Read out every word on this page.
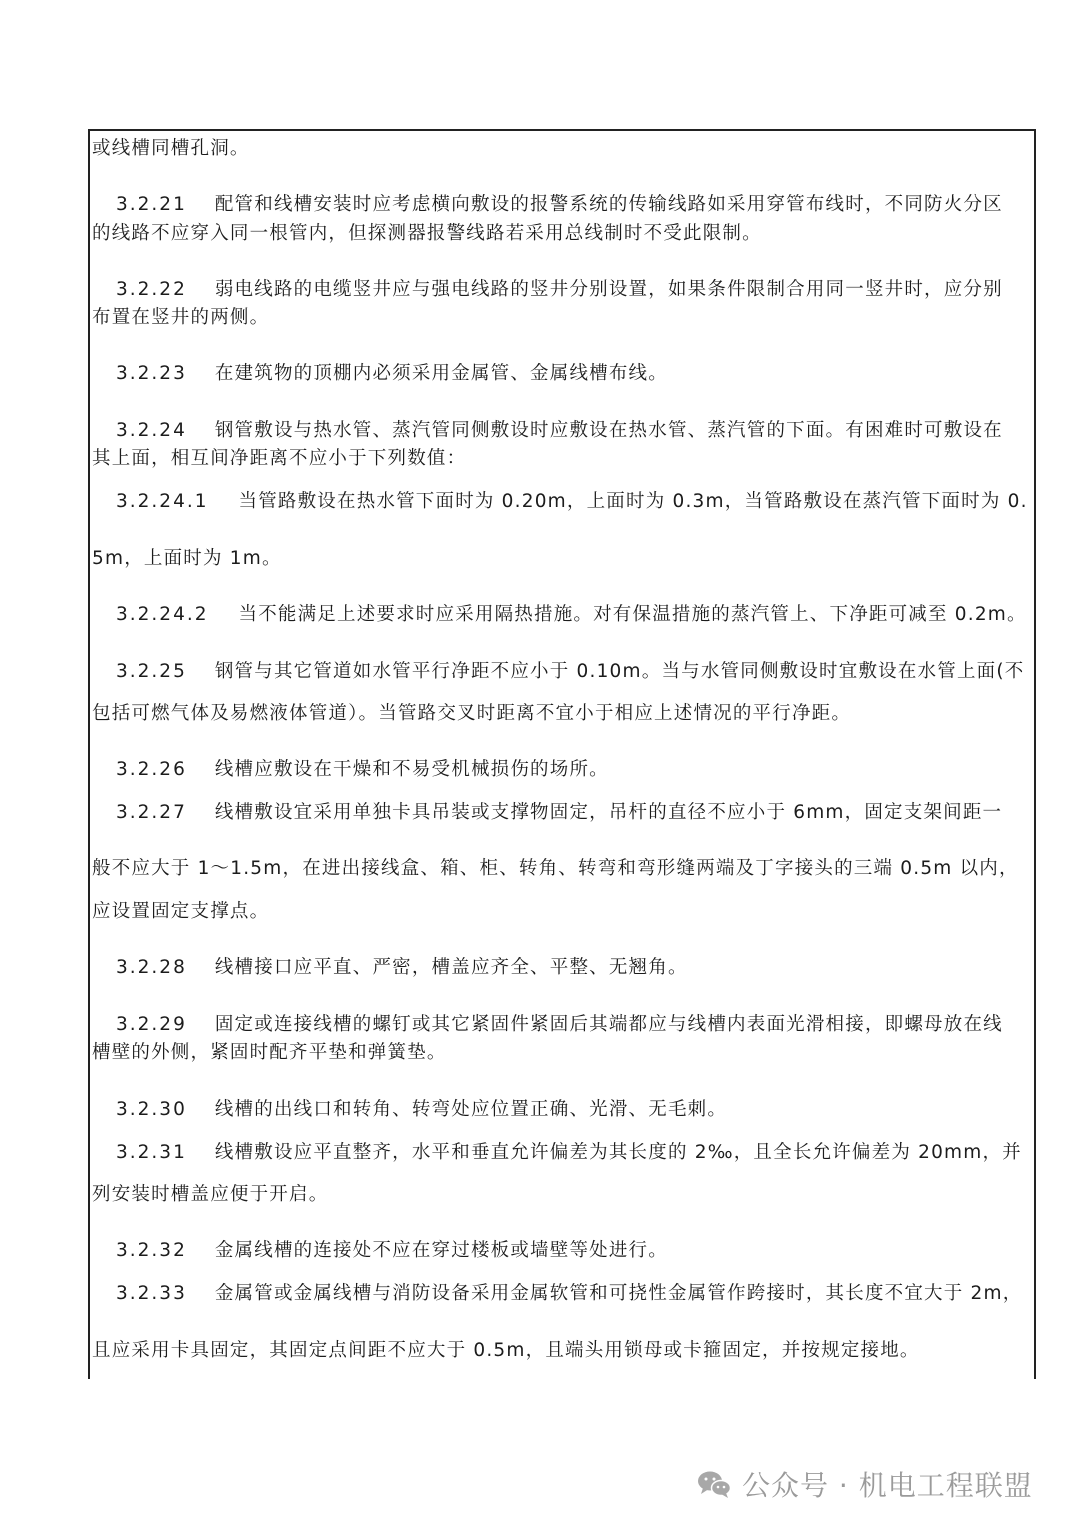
或线槽同槽孔洞。
3.2.21 配管和线槽安装时应考虑横向敷设的报警系统的传输线路如采用穿管布线时，不同防火分区
的线路不应穿入同一根管内，但探测器报警线路若采用总线制时不受此限制。
3.2.22 弱电线路的电缆竖井应与强电线路的竖井分别设置，如果条件限制合用同一竖井时，应分别
布置在竖井的两侧。
3.2.23 在建筑物的顶棚内必须采用金属管、金属线槽布线。
3.2.24 钢管敷设与热水管、蒸汽管同侧敷设时应敷设在热水管、蒸汽管的下面。有困难时可敷设在
其上面，相互间净距离不应小于下列数值：
3.2.24.1 当管路敷设在热水管下面时为 0.20m，上面时为 0.3m，当管路敷设在蒸汽管下面时为 0.
5m，上面时为 1m。
3.2.24.2 当不能满足上述要求时应采用隔热措施。对有保温措施的蒸汽管上、下净距可减至 0.2m。
3.2.25 钢管与其它管道如水管平行净距不应小于 0.10m。当与水管同侧敷设时宜敷设在水管上面(不
包括可燃气体及易燃液体管道）。当管路交叉时距离不宜小于相应上述情况的平行净距。
3.2.26 线槽应敷设在干燥和不易受机械损伤的场所。
3.2.27 线槽敷设宜采用单独卡具吊装或支撑物固定，吊杆的直径不应小于 6mm，固定支架间距一
般不应大于 1～1.5m，在进出接线盒、箱、柜、转角、转弯和弯形缝两端及丁字接头的三端 0.5m 以内，
应设置固定支撑点。
3.2.28 线槽接口应平直、严密，槽盖应齐全、平整、无翘角。
3.2.29 固定或连接线槽的螺钉或其它紧固件紧固后其端都应与线槽内表面光滑相接，即螺母放在线
槽壁的外侧，紧固时配齐平垫和弹簧垫。
3.2.30 线槽的出线口和转角、转弯处应位置正确、光滑、无毛刺。
3.2.31 线槽敷设应平直整齐，水平和垂直允许偏差为其长度的 2‰，且全长允许偏差为 20mm，并
列安装时槽盖应便于开启。
3.2.32 金属线槽的连接处不应在穿过楼板或墙壁等处进行。
3.2.33 金属管或金属线槽与消防设备采用金属软管和可挠性金属管作跨接时，其长度不宜大于 2m，
且应采用卡具固定，其固定点间距不应大于 0.5m，且端头用锁母或卡箍固定，并按规定接地。
公众号 · 机电工程联盟
